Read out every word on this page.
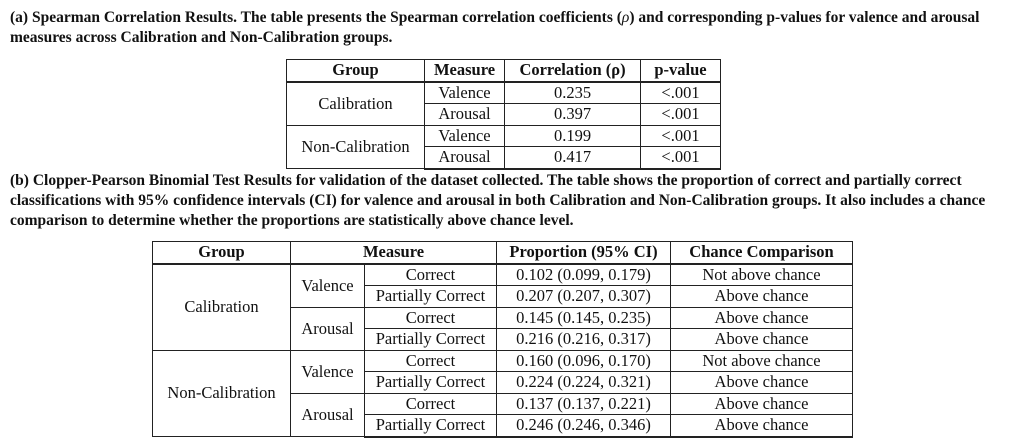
(a) Spearman Correlation Results. The table presents the Spearman correlation coefficients (ρ) and corresponding p-values for valence and arousal measures across Calibration and Non-Calibration groups.
Group	Measure	Correlation (ρ)	p-value
Calibration	Valence	0.235	<.001
	Arousal	0.397	<.001
Non-Calibration	Valence	0.199	<.001
	Arousal	0.417	<.001
(b) Clopper-Pearson Binomial Test Results for validation of the dataset collected. The table shows the proportion of correct and partially correct classifications with 95% confidence intervals (CI) for valence and arousal in both Calibration and Non-Calibration groups. It also includes a chance comparison to determine whether the proportions are statistically above chance level.
Group	Measure		Proportion (95% CI)	Chance Comparison
Calibration	Valence	Correct	0.102 (0.099, 0.179)	Not above chance
		Partially Correct	0.207 (0.207, 0.307)	Above chance
	Arousal	Correct	0.145 (0.145, 0.235)	Above chance
		Partially Correct	0.216 (0.216, 0.317)	Above chance
Non-Calibration	Valence	Correct	0.160 (0.096, 0.170)	Not above chance
		Partially Correct	0.224 (0.224, 0.321)	Above chance
	Arousal	Correct	0.137 (0.137, 0.221)	Above chance
		Partially Correct	0.246 (0.246, 0.346)	Above chance
